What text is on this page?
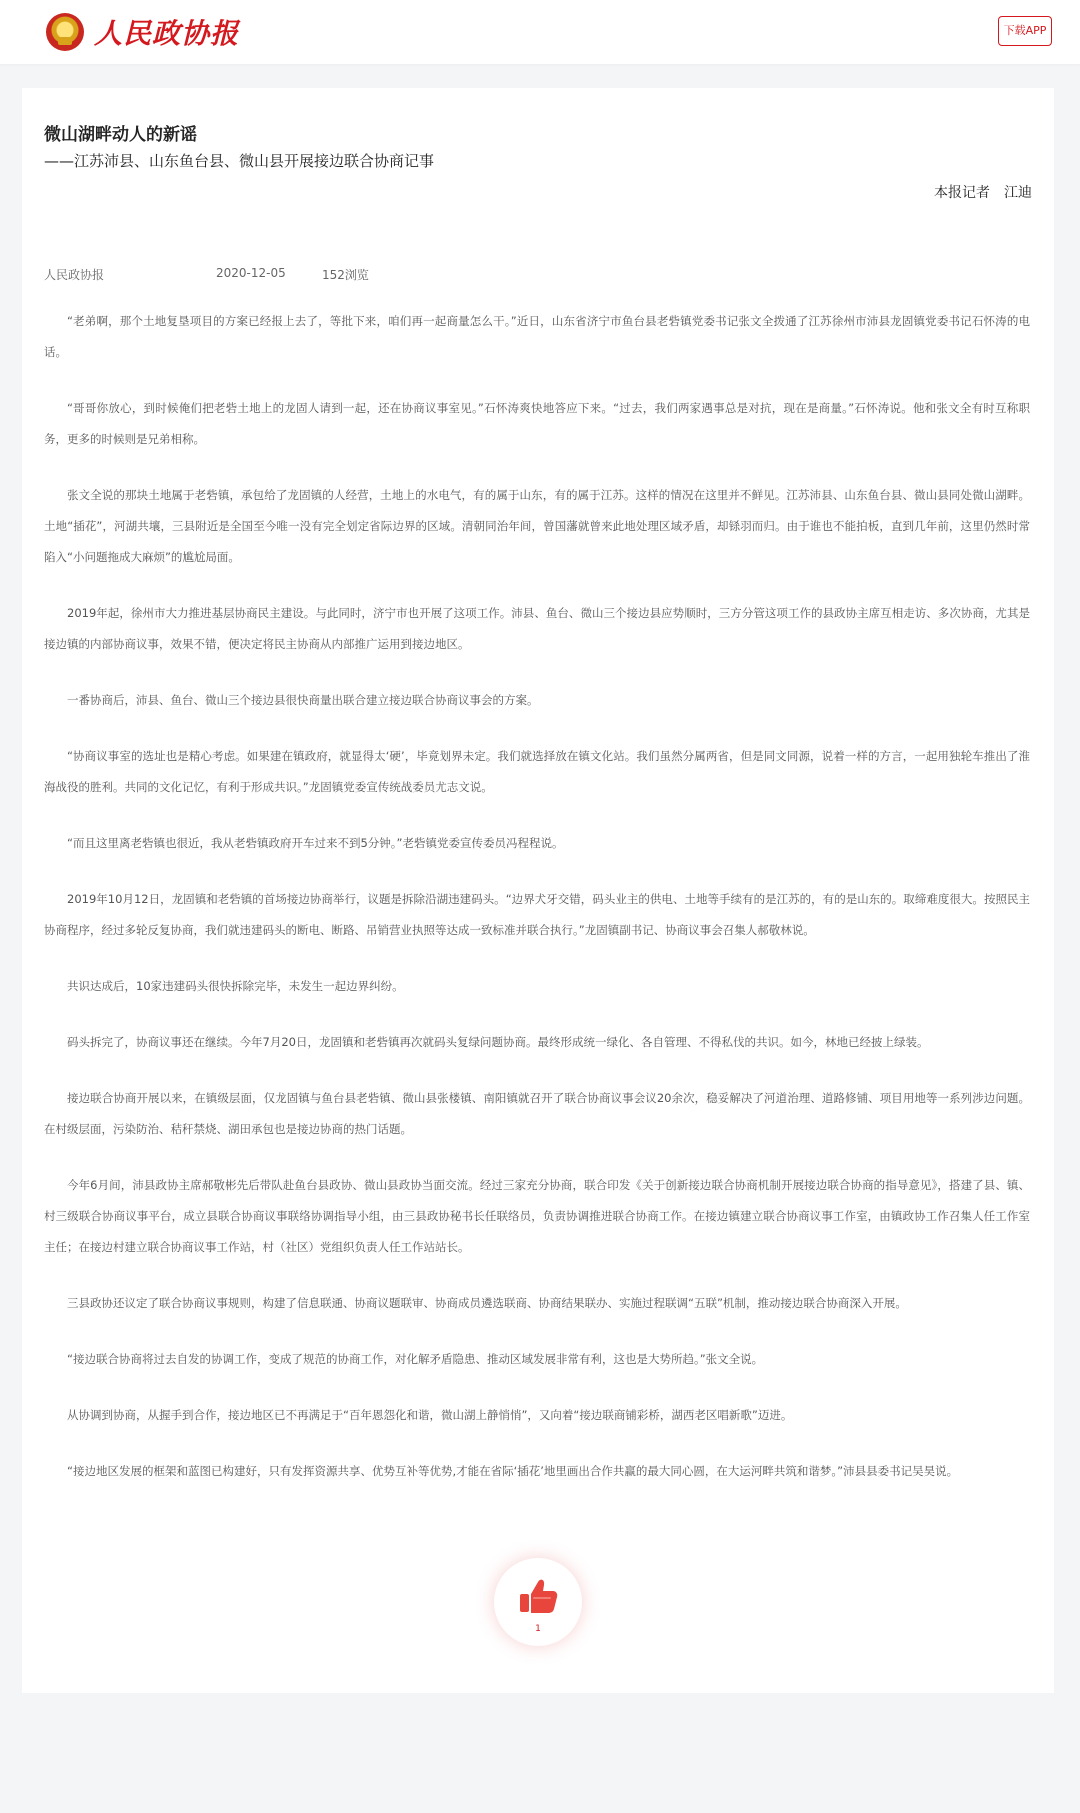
人民政协报	下载APP
微山湖畔动人的新谣
——江苏沛县、山东鱼台县、微山县开展接边联合协商记事
本报记者 江迪
人民政协报	2020-12-05	152浏览

“老弟啊，那个土地复垦项目的方案已经报上去了，等批下来，咱们再一起商量怎么干。”近日，山东省济宁市鱼台县老砦镇党委书记张文全拨通了江苏徐州市沛县龙固镇党委书记石怀涛的电话。

“哥哥你放心，到时候俺们把老砦土地上的龙固人请到一起，还在协商议事室见。”石怀涛爽快地答应下来。“过去，我们两家遇事总是对抗，现在是商量。”石怀涛说。他和张文全有时互称职务，更多的时候则是兄弟相称。

张文全说的那块土地属于老砦镇，承包给了龙固镇的人经营，土地上的水电气，有的属于山东，有的属于江苏。这样的情况在这里并不鲜见。江苏沛县、山东鱼台县、微山县同处微山湖畔。土地“插花”，河湖共壤，三县附近是全国至今唯一没有完全划定省际边界的区域。清朝同治年间，曾国藩就曾来此地处理区域矛盾，却铩羽而归。由于谁也不能拍板，直到几年前，这里仍然时常陷入“小问题拖成大麻烦”的尴尬局面。

2019年起，徐州市大力推进基层协商民主建设。与此同时，济宁市也开展了这项工作。沛县、鱼台、微山三个接边县应势顺时，三方分管这项工作的县政协主席互相走访、多次协商，尤其是接边镇的内部协商议事，效果不错，便决定将民主协商从内部推广运用到接边地区。

一番协商后，沛县、鱼台、微山三个接边县很快商量出联合建立接边联合协商议事会的方案。

“协商议事室的选址也是精心考虑。如果建在镇政府，就显得太‘硬’，毕竟划界未定。我们就选择放在镇文化站。我们虽然分属两省，但是同文同源，说着一样的方言，一起用独轮车推出了淮海战役的胜利。共同的文化记忆，有利于形成共识。”龙固镇党委宣传统战委员尤志文说。

“而且这里离老砦镇也很近，我从老砦镇政府开车过来不到5分钟。”老砦镇党委宣传委员冯程程说。

2019年10月12日，龙固镇和老砦镇的首场接边协商举行，议题是拆除沿湖违建码头。“边界犬牙交错，码头业主的供电、土地等手续有的是江苏的，有的是山东的。取缔难度很大。按照民主协商程序，经过多轮反复协商，我们就违建码头的断电、断路、吊销营业执照等达成一致标准并联合执行。”龙固镇副书记、协商议事会召集人郝敬林说。

共识达成后，10家违建码头很快拆除完毕，未发生一起边界纠纷。

码头拆完了，协商议事还在继续。今年7月20日，龙固镇和老砦镇再次就码头复绿问题协商。最终形成统一绿化、各自管理、不得私伐的共识。如今，林地已经披上绿装。

接边联合协商开展以来，在镇级层面，仅龙固镇与鱼台县老砦镇、微山县张楼镇、南阳镇就召开了联合协商议事会议20余次，稳妥解决了河道治理、道路修铺、项目用地等一系列涉边问题。在村级层面，污染防治、秸秆禁烧、湖田承包也是接边协商的热门话题。

今年6月间，沛县政协主席郝敬彬先后带队赴鱼台县政协、微山县政协当面交流。经过三家充分协商，联合印发《关于创新接边联合协商机制开展接边联合协商的指导意见》，搭建了县、镇、村三级联合协商议事平台，成立县联合协商议事联络协调指导小组，由三县政协秘书长任联络员，负责协调推进联合协商工作。在接边镇建立联合协商议事工作室，由镇政协工作召集人任工作室主任；在接边村建立联合协商议事工作站，村（社区）党组织负责人任工作站站长。

三县政协还议定了联合协商议事规则，构建了信息联通、协商议题联审、协商成员遴选联商、协商结果联办、实施过程联调“五联”机制，推动接边联合协商深入开展。

“接边联合协商将过去自发的协调工作，变成了规范的协商工作，对化解矛盾隐患、推动区域发展非常有利，这也是大势所趋。”张文全说。

从协调到协商，从握手到合作，接边地区已不再满足于“百年恩怨化和谐，微山湖上静悄悄”，又向着“接边联商铺彩桥，湖西老区唱新歌”迈进。

“接边地区发展的框架和蓝图已构建好，只有发挥资源共享、优势互补等优势,才能在省际‘插花’地里画出合作共赢的最大同心圆，在大运河畔共筑和谐梦。”沛县县委书记吴昊说。

1
